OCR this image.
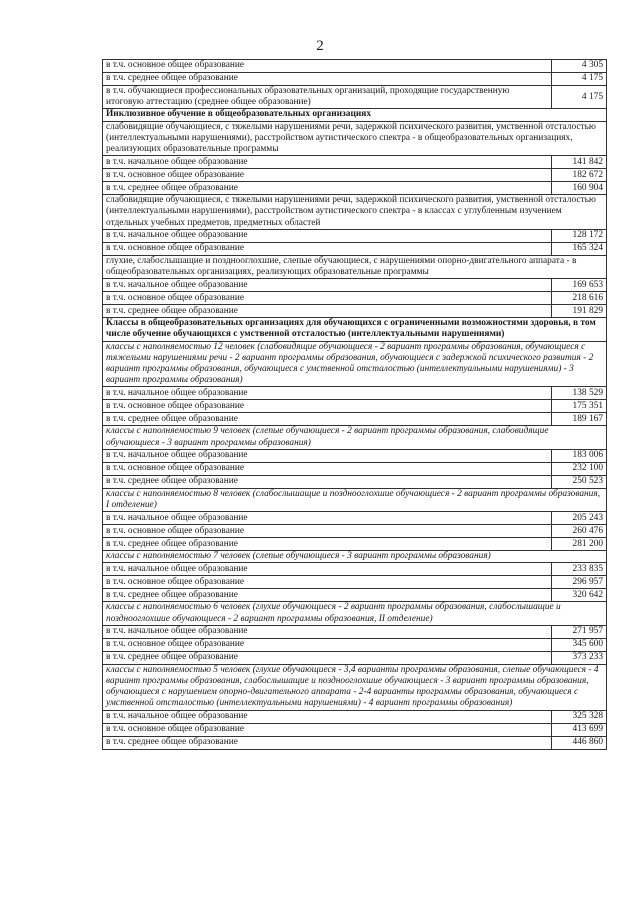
2
в т.ч. основное общее образование	4 305
в т.ч. среднее общее образование	4 175
в т.ч. обучающиеся профессиональных образовательных организаций, проходящие государственную итоговую аттестацию (среднее общее образование)	4 175
Инклюзивное обучение в общеобразовательных организациях	
слабовидящие обучающиеся, с тяжелыми нарушениями речи, задержкой психического развития, умственной отсталостью (интеллектуальными нарушениями), расстройством аутистического спектра - в общеобразовательных организациях, реализующих образовательные программы	
в т.ч. начальное общее образование	141 842
в т.ч. основное общее образование	182 672
в т.ч. среднее общее образование	160 904
слабовидящие обучающиеся, с тяжелыми нарушениями речи, задержкой психического развития, умственной отсталостью (интеллектуальными нарушениями), расстройством аутистического спектра - в классах с углубленным изучением отдельных учебных предметов, предметных областей	
в т.ч. начальное общее образование	128 172
в т.ч. основное общее образование	165 324
глухие, слабослышащие и позднооглохшие, слепые обучающиеся, с нарушениями опорно-двигательного аппарата - в общеобразовательных организациях, реализующих образовательные программы	
в т.ч. начальное общее образование	169 653
в т.ч. основное общее образование	218 616
в т.ч. среднее общее образование	191 829
Классы в общеобразовательных организациях для обучающихся с ограниченными возможностями здоровья, в том числе обучение обучающихся с умственной отсталостью (интеллектуальными нарушениями)	
классы с наполняемостью 12 человек (слабовидящие обучающиеся - 2 вариант программы образования, обучающиеся с тяжелыми нарушениями речи - 2 вариант программы образования, обучающиеся с задержкой психического развития - 2 вариант программы образования, обучающиеся с умственной отсталостью (интеллектуальными нарушениями) - 3 вариант программы образования)	
в т.ч. начальное общее образование	138 529
в т.ч. основное общее образование	175 351
в т.ч. среднее общее образование	189 167
классы с наполняемостью 9 человек (слепые обучающиеся - 2 вариант программы образования, слабовидящие обучающиеся - 3 вариант программы образования)	
в т.ч. начальное общее образование	183 006
в т.ч. основное общее образование	232 100
в т.ч. среднее общее образование	250 523
классы с наполняемостью 8 человек (слабослышащие и позднооглохшие обучающиеся - 2 вариант программы образования, I отделение)	
в т.ч. начальное общее образование	205 243
в т.ч. основное общее образование	260 476
в т.ч. среднее общее образование	281 200
классы с наполняемостью 7 человек (слепые обучающиеся - 3 вариант программы образования)	
в т.ч. начальное общее образование	233 835
в т.ч. основное общее образование	296 957
в т.ч. среднее общее образование	320 642
классы с наполняемостью 6 человек (глухие обучающиеся - 2 вариант программы образования, слабослышащие и позднооглохшие обучающиеся - 2 вариант программы образования, II отделение)	
в т.ч. начальное общее образование	271 957
в т.ч. основное общее образование	345 600
в т.ч. среднее общее образование	373 233
классы с наполняемостью 5 человек (глухие обучающиеся - 3,4 варианты программы образования, слепые обучающиеся - 4 вариант программы образования, слабослышащие и позднооглохшие обучающиеся - 3 вариант программы образования, обучающиеся с нарушением опорно-двигательного аппарата - 2-4 варианты программы образования, обучающиеся с умственной отсталостью (интеллектуальными нарушениями) - 4 вариант программы образования)	
в т.ч. начальное общее образование	325 328
в т.ч. основное общее образование	413 699
в т.ч. среднее общее образование	446 860
